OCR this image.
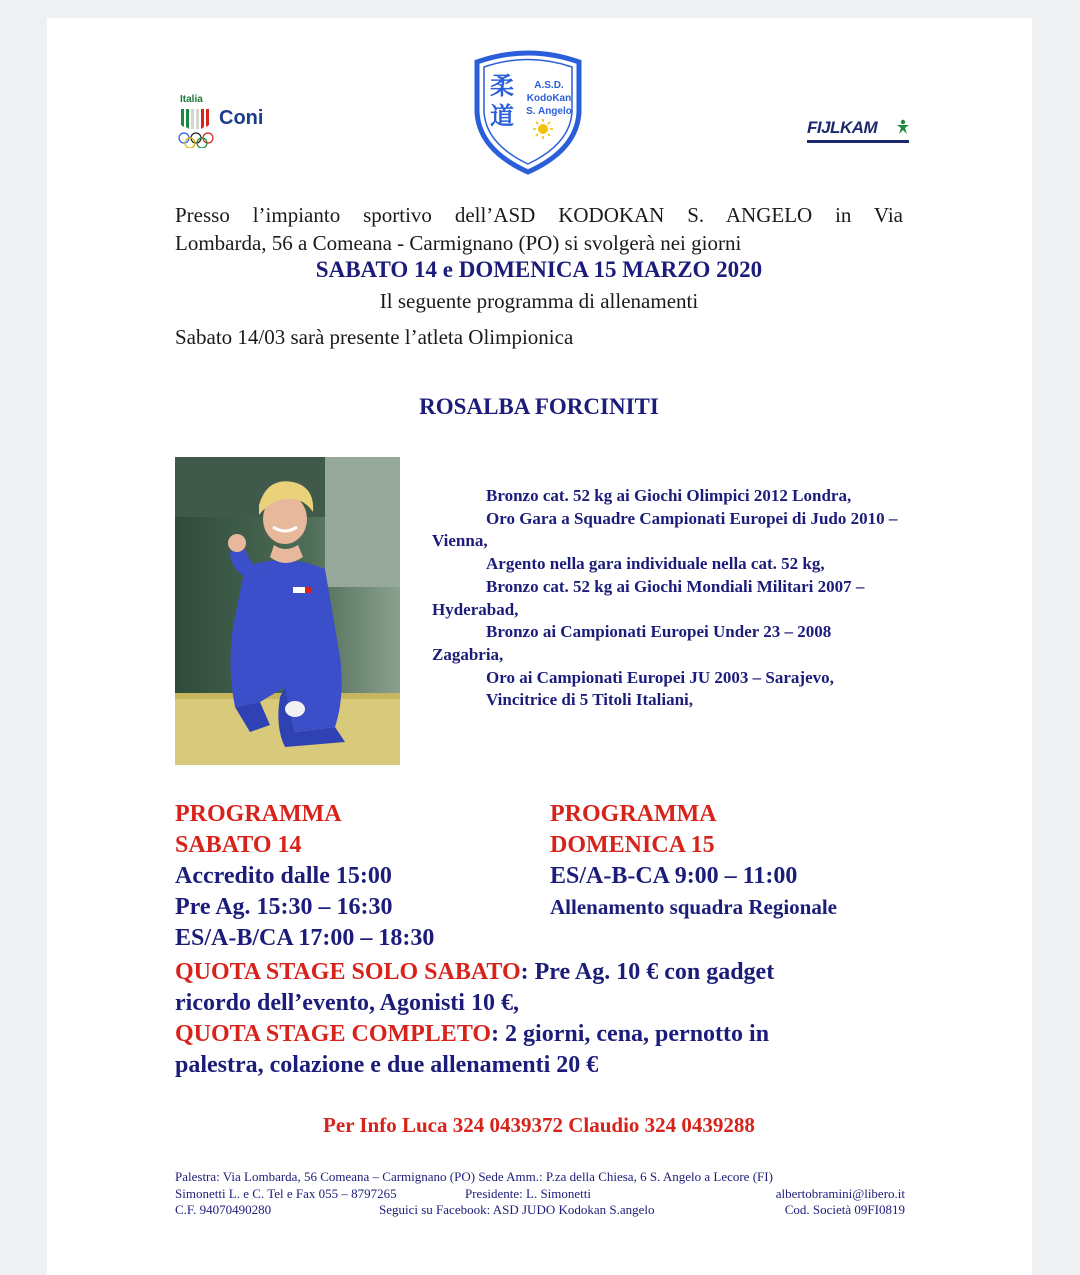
Italia
Coni
柔道
A.S.D.
KodoKan
S. Angelo
FIJLKAM
Presso l’impianto sportivo dell’ASD KODOKAN S. ANGELO in Via
Lombarda, 56 a Comeana - Carmignano (PO) si svolgerà nei giorni
SABATO 14 e DOMENICA 15 MARZO 2020
Il seguente programma di allenamenti
Sabato 14/03 sarà presente l’atleta Olimpionica
ROSALBA FORCINITI
Bronzo cat. 52 kg ai Giochi Olimpici 2012 Londra,
Oro Gara a Squadre Campionati Europei di Judo 2010 – Vienna,
Argento nella gara individuale nella cat. 52 kg,
Bronzo cat. 52 kg ai Giochi Mondiali Militari 2007 – Hyderabad,
Bronzo ai Campionati Europei Under 23 – 2008 Zagabria,
Oro ai Campionati Europei JU 2003 – Sarajevo,
Vincitrice di 5 Titoli Italiani,
PROGRAMMA
SABATO 14
Accredito dalle 15:00
Pre Ag. 15:30 – 16:30
ES/A-B/CA 17:00 – 18:30
PROGRAMMA
DOMENICA 15
ES/A-B-CA 9:00 – 11:00
Allenamento squadra Regionale
QUOTA STAGE SOLO SABATO: Pre Ag. 10 € con gadget
ricordo dell’evento, Agonisti 10 €,
QUOTA STAGE COMPLETO: 2 giorni, cena, pernotto in
palestra, colazione e due allenamenti 20 €
Per Info Luca 324 0439372 Claudio 324 0439288
Palestra: Via Lombarda, 56 Comeana – Carmignano (PO) Sede Amm.: P.za della Chiesa, 6 S. Angelo a Lecore (FI)
Simonetti L. e C. Tel e Fax 055 – 8797265	Presidente: L. Simonetti	albertobramini@libero.it
C.F. 94070490280	Seguici su Facebook: ASD JUDO Kodokan S.angelo	Cod. Società 09FI0819
